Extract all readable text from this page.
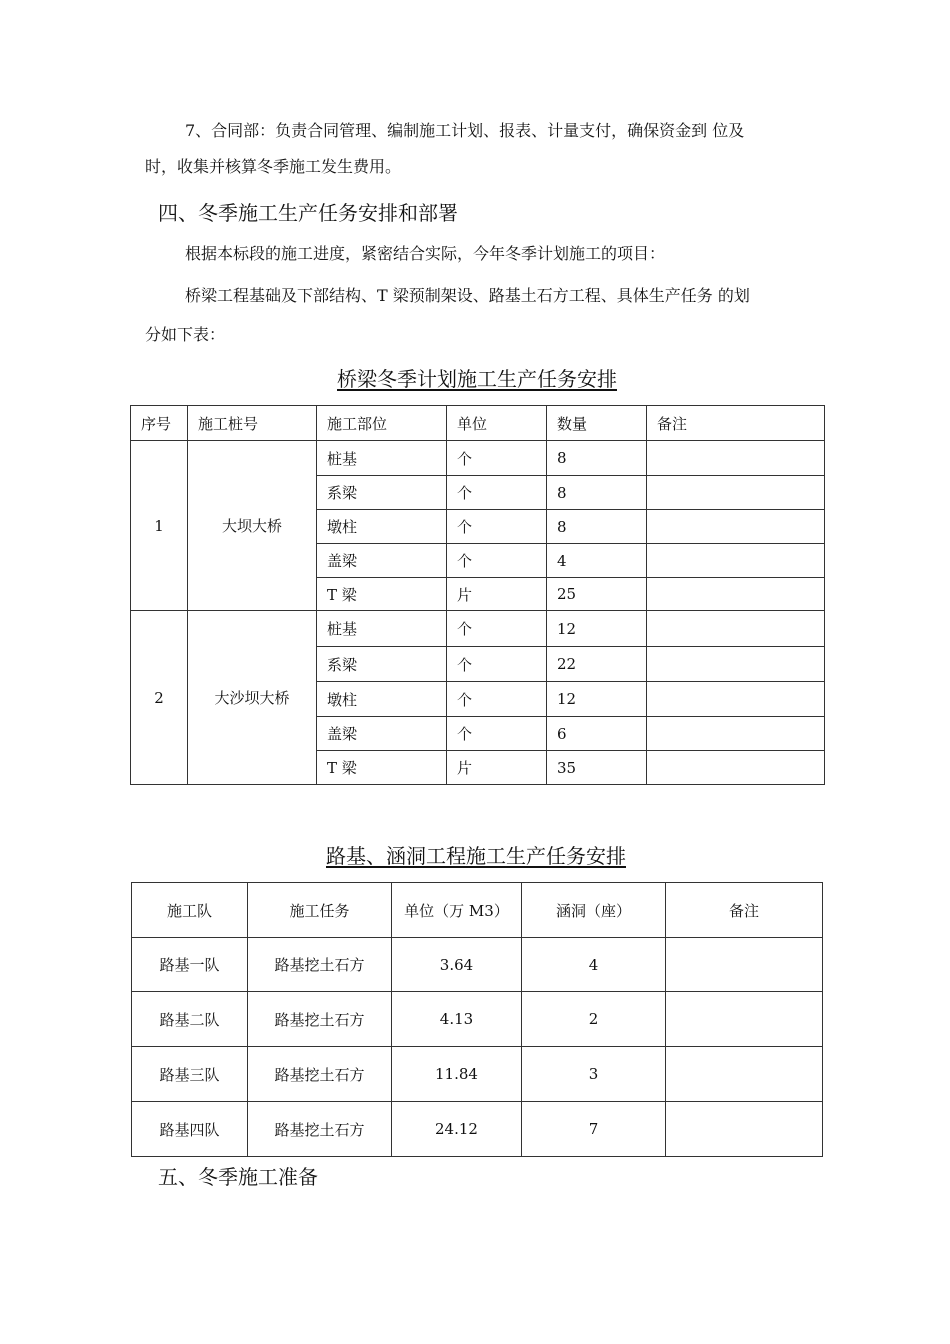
7、合同部：负责合同管理、编制施工计划、报表、计量支付，确保资金到 位及
时，收集并核算冬季施工发生费用。
四、冬季施工生产任务安排和部署
根据本标段的施工进度，紧密结合实际，今年冬季计划施工的项目：
桥梁工程基础及下部结构、T 梁预制架设、路基土石方工程、具体生产任务 的划
分如下表：
桥梁冬季计划施工生产任务安排
序号	施工桩号	施工部位	单位	数量	备注
1	大坝大桥	桩基	个	8	
		系梁	个	8	
		墩柱	个	8	
		盖梁	个	4	
		T 梁	片	25	
2	大沙坝大桥	桩基	个	12	
		系梁	个	22	
		墩柱	个	12	
		盖梁	个	6	
		T 梁	片	35	
路基、涵洞工程施工生产任务安排
施工队	施工任务	单位（万 M3）	涵洞（座）	备注
路基一队	路基挖土石方	3.64	4	
路基二队	路基挖土石方	4.13	2	
路基三队	路基挖土石方	11.84	3	
路基四队	路基挖土石方	24.12	7	
五、冬季施工准备
